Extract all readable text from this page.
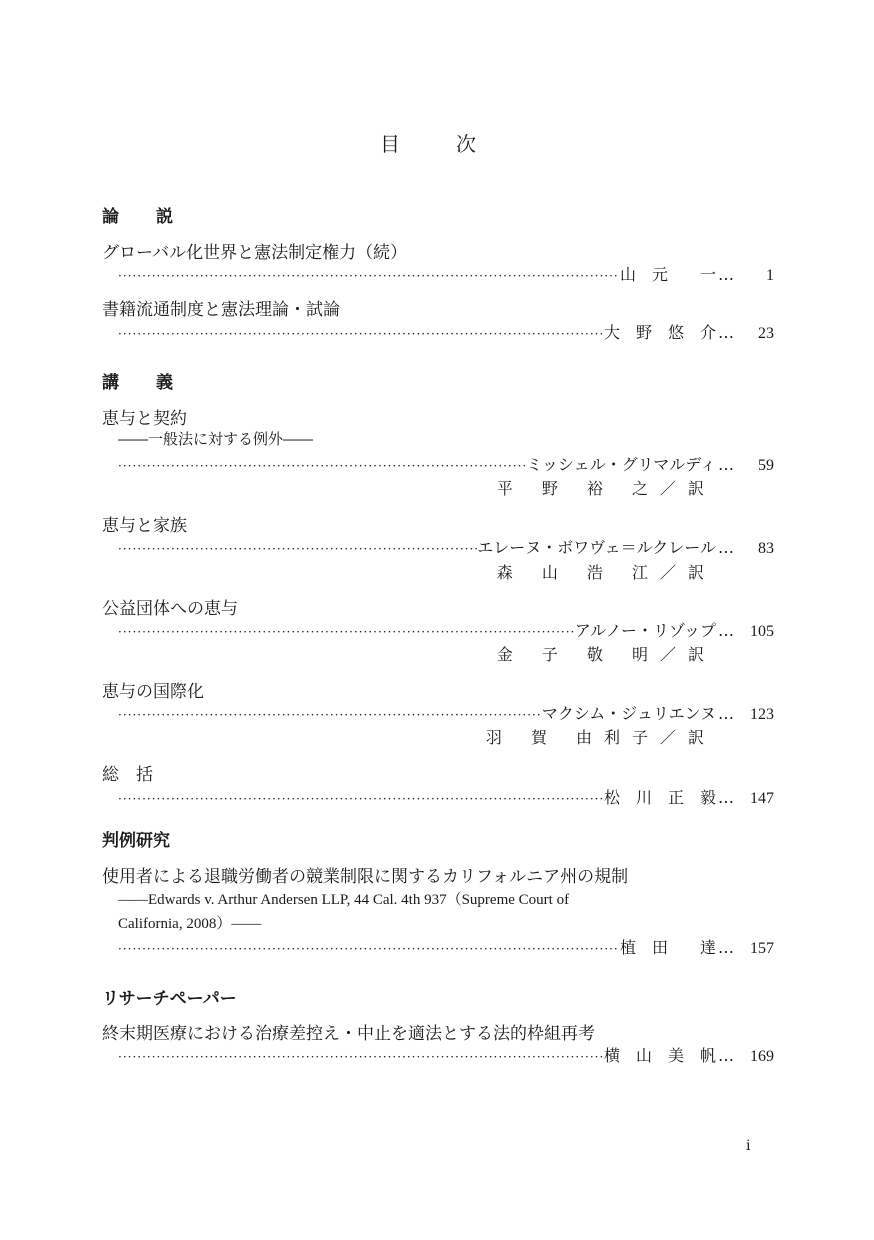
目　次
論　説
グローバル化世界と憲法制定権力（続）
·····
山　元　　一 …	1
書籍流通制度と憲法理論・試論
·····
大　野　悠　介 …	23
講　義
恵与と契約
――一般法に対する例外――
·····
ミッシェル・グリマルディ …	59
平 野 裕 之／訳
恵与と家族
·····
エレーヌ・ボワヴェ＝ルクレール …	83
森 山 浩 江／訳
公益団体への恵与
·····
アルノー・リゾップ …	105
金 子 敬 明／訳
恵与の国際化
·····
マクシム・ジュリエンヌ …	123
羽 賀 由利子／訳
総　括
·····
松　川　正　毅 …	147
判例研究
使用者による退職労働者の競業制限に関するカリフォルニア州の規制
――Edwards v. Arthur Andersen LLP, 44 Cal. 4th 937（Supreme Court of
California, 2008）――
·····
植　田　　達 …	157
リサーチペーパー
終末期医療における治療差控え・中止を適法とする法的枠組再考
·····
横　山　美　帆 …	169
i
